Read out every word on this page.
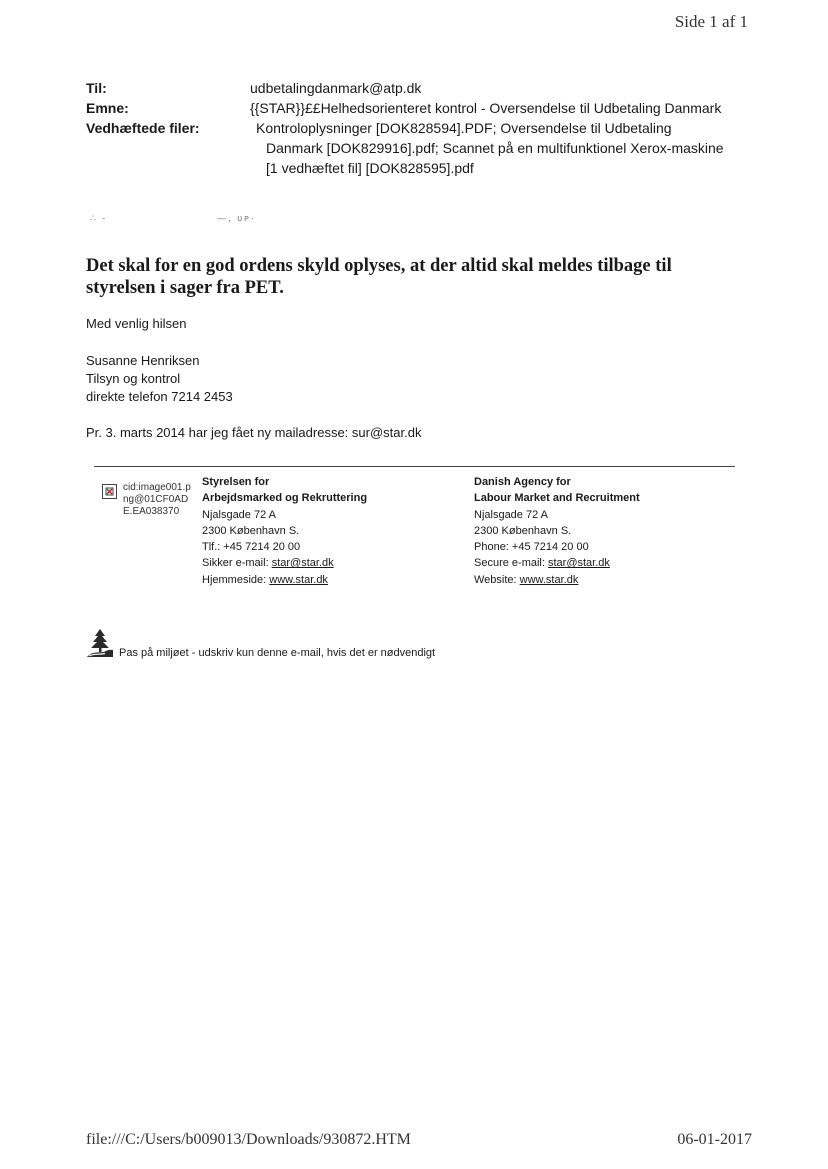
Side 1 af 1
Til:	udbetalingdanmark@atp.dk
Emne:	{{STAR}}££Helhedsorienteret kontrol - Oversendelse til Udbetaling Danmark
Vedhæftede filer:	Kontroloplysninger [DOK828594].PDF; Oversendelse til Udbetaling
Danmark [DOK829916].pdf; Scannet på en multifunktionel Xerox-maskine
[1 vedhæftet fil] [DOK828595].pdf
∴ -	—, ᴜᴘ·
Det skal for en god ordens skyld oplyses, at der altid skal meldes tilbage til styrelsen i sager fra PET.
Med venlig hilsen
Susanne Henriksen
Tilsyn og kontrol
direkte telefon 7214 2453
Pr. 3. marts 2014 har jeg fået ny mailadresse: sur@star.dk
cid:image001.png@01CF0ADE.EA038370
Styrelsen for
Arbejdsmarked og Rekruttering
Njalsgade 72 A
2300 København S.
Tlf.: +45 7214 20 00
Sikker e-mail: star@star.dk
Hjemmeside: www.star.dk
Danish Agency for
Labour Market and Recruitment
Njalsgade 72 A
2300 København S.
Phone: +45 7214 20 00
Secure e-mail: star@star.dk
Website: www.star.dk
Pas på miljøet - udskriv kun denne e-mail, hvis det er nødvendigt
file:///C:/Users/b009013/Downloads/930872.HTM	06-01-2017
